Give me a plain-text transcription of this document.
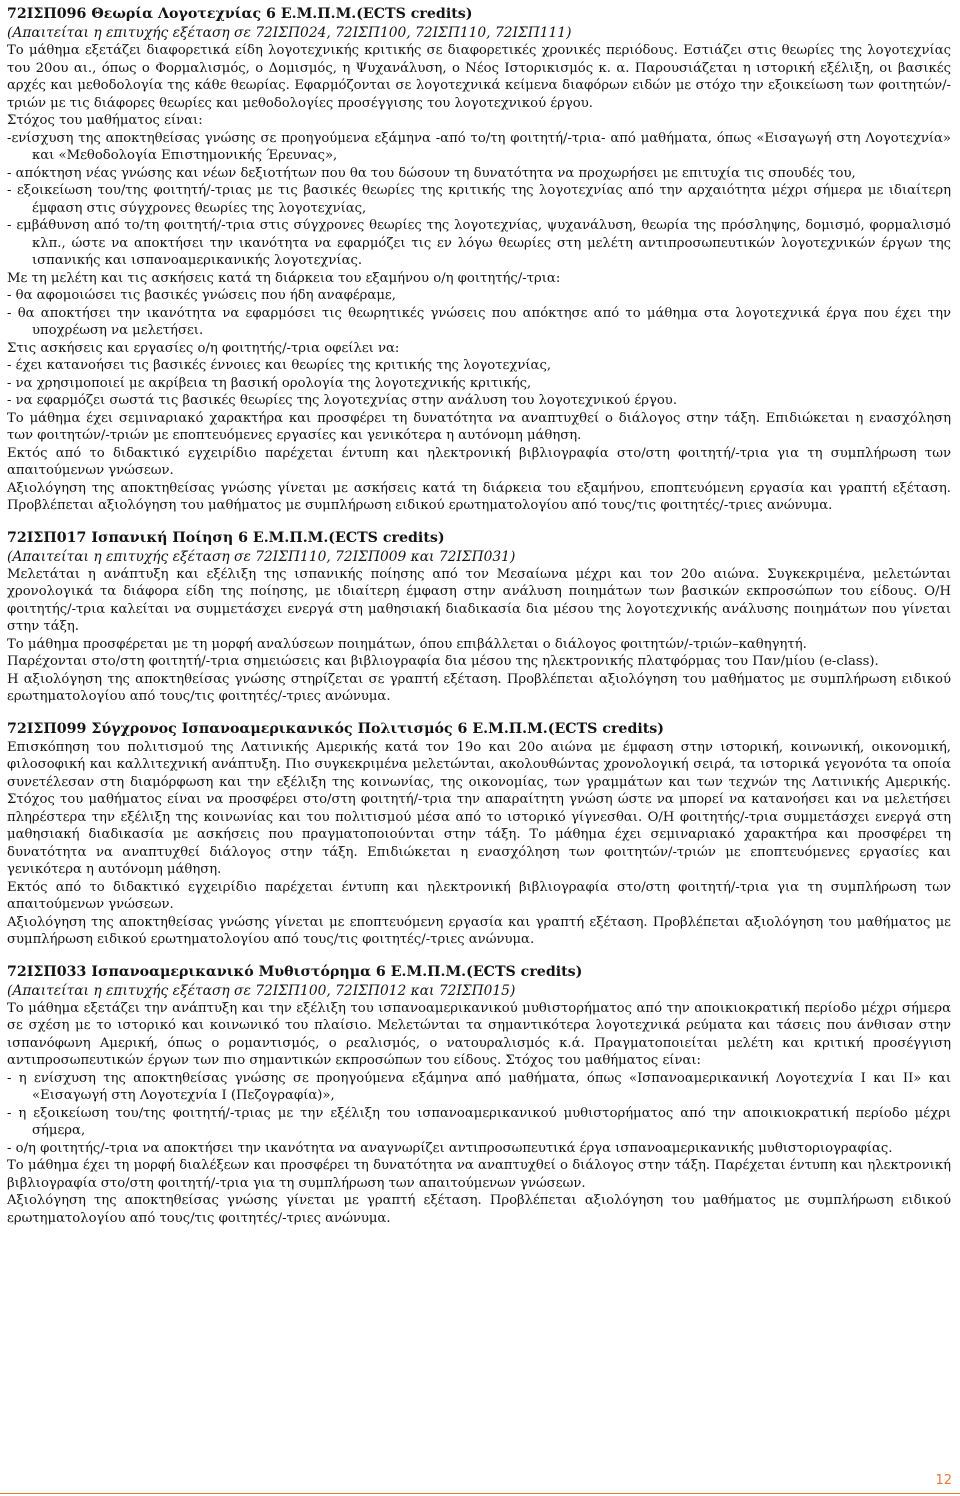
72ΙΣΠ096 Θεωρία Λογοτεχνίας 6 Ε.Μ.Π.Μ.(ECTS credits)
(Απαιτείται η επιτυχής εξέταση σε 72ΙΣΠ024, 72ΙΣΠ100, 72ΙΣΠ110, 72ΙΣΠ111)

Το μάθημα εξετάζει διαφορετικά είδη λογοτεχνικής κριτικής σε διαφορετικές χρονικές περιόδους. Εστιάζει στις θεωρίες της λογοτεχνίας του 20ου αι., όπως ο Φορμαλισμός, ο Δομισμός, η Ψυχανάλυση, ο Νέος Ιστορικισμός κ. α. Παρουσιάζεται η ιστορική εξέλιξη, οι βασικές αρχές και μεθοδολογία της κάθε θεωρίας. Εφαρμόζονται σε λογοτεχνικά κείμενα διαφόρων ειδών με στόχο την εξοικείωση των φοιτητών/-τριών με τις διάφορες θεωρίες και μεθοδολογίες προσέγγισης του λογοτεχνικού έργου.

Στόχος του μαθήματος είναι:

-ενίσχυση της αποκτηθείσας γνώσης σε προηγούμενα εξάμηνα -από το/τη φοιτητή/-τρια- από μαθήματα, όπως «Εισαγωγή στη Λογοτεχνία» και «Μεθοδολογία Επιστημονικής Έρευνας»,

- απόκτηση νέας γνώσης και νέων δεξιοτήτων που θα του δώσουν τη δυνατότητα να προχωρήσει με επιτυχία τις σπουδές του,

- εξοικείωση του/της φοιτητή/-τριας με τις βασικές θεωρίες της κριτικής της λογοτεχνίας από την αρχαιότητα μέχρι σήμερα με ιδιαίτερη έμφαση στις σύγχρονες θεωρίες της λογοτεχνίας,

- εμβάθυνση από το/τη φοιτητή/-τρια στις σύγχρονες θεωρίες της λογοτεχνίας, ψυχανάλυση, θεωρία της πρόσληψης, δομισμό, φορμαλισμό κλπ., ώστε να αποκτήσει την ικανότητα να εφαρμόζει τις εν λόγω θεωρίες στη μελέτη αντιπροσωπευτικών λογοτεχνικών έργων της ισπανικής και ισπανοαμερικανικής λογοτεχνίας.

Με τη μελέτη και τις ασκήσεις κατά τη διάρκεια του εξαμήνου ο/η φοιτητής/-τρια:

- θα αφομοιώσει τις βασικές γνώσεις που ήδη αναφέραμε,

- θα αποκτήσει την ικανότητα να εφαρμόσει τις θεωρητικές γνώσεις που απόκτησε από το μάθημα στα λογοτεχνικά έργα που έχει την υποχρέωση να μελετήσει.

Στις ασκήσεις και εργασίες ο/η φοιτητής/-τρια οφείλει να:

- έχει κατανοήσει τις βασικές έννοιες και θεωρίες της κριτικής της λογοτεχνίας,

- να χρησιμοποιεί με ακρίβεια τη βασική ορολογία της λογοτεχνικής κριτικής,

- να εφαρμόζει σωστά τις βασικές θεωρίες της λογοτεχνίας στην ανάλυση του λογοτεχνικού έργου.

Το μάθημα έχει σεμιναριακό χαρακτήρα και προσφέρει τη δυνατότητα να αναπτυχθεί ο διάλογος στην τάξη. Επιδιώκεται η ενασχόληση των φοιτητών/-τριών με εποπτευόμενες εργασίες και γενικότερα η αυτόνομη μάθηση.

Εκτός από το διδακτικό εγχειρίδιο παρέχεται έντυπη και ηλεκτρονική βιβλιογραφία στο/στη φοιτητή/-τρια για τη συμπλήρωση των απαιτούμενων γνώσεων.

Αξιολόγηση της αποκτηθείσας γνώσης γίνεται με ασκήσεις κατά τη διάρκεια του εξαμήνου, εποπτευόμενη εργασία και γραπτή εξέταση. Προβλέπεται αξιολόγηση του μαθήματος με συμπλήρωση ειδικού ερωτηματολογίου από τους/τις φοιτητές/-τριες ανώνυμα.

72ΙΣΠ017 Ισπανική Ποίηση 6 Ε.Μ.Π.Μ.(ECTS credits)
(Απαιτείται η επιτυχής εξέταση σε 72ΙΣΠ110, 72ΙΣΠ009 και 72ΙΣΠ031)

Μελετάται η ανάπτυξη και εξέλιξη της ισπανικής ποίησης από τον Μεσαίωνα μέχρι και τον 20ο αιώνα. Συγκεκριμένα, μελετώνται χρονολογικά τα διάφορα είδη της ποίησης, με ιδιαίτερη έμφαση στην ανάλυση ποιημάτων των βασικών εκπροσώπων του είδους. Ο/Η φοιτητής/-τρια καλείται να συμμετάσχει ενεργά στη μαθησιακή διαδικασία δια μέσου της λογοτεχνικής ανάλυσης ποιημάτων που γίνεται στην τάξη.

Το μάθημα προσφέρεται με τη μορφή αναλύσεων ποιημάτων, όπου επιβάλλεται ο διάλογος φοιτητών/-τριών–καθηγητή.

Παρέχονται στο/στη φοιτητή/-τρια σημειώσεις και βιβλιογραφία δια μέσου της ηλεκτρονικής πλατφόρμας του Παν/μίου (e-class).

Η αξιολόγηση της αποκτηθείσας γνώσης στηρίζεται σε γραπτή εξέταση. Προβλέπεται αξιολόγηση του μαθήματος με συμπλήρωση ειδικού ερωτηματολογίου από τους/τις φοιτητές/-τριες ανώνυμα.

72ΙΣΠ099 Σύγχρονος Ισπανοαμερικανικός Πολιτισμός 6 Ε.Μ.Π.Μ.(ECTS credits)

Επισκόπηση του πολιτισμού της Λατινικής Αμερικής κατά τον 19ο και 20ο αιώνα με έμφαση στην ιστορική, κοινωνική, οικονομική, φιλοσοφική και καλλιτεχνική ανάπτυξη. Πιο συγκεκριμένα μελετώνται, ακολουθώντας χρονολογική σειρά, τα ιστορικά γεγονότα τα οποία συνετέλεσαν στη διαμόρφωση και την εξέλιξη της κοινωνίας, της οικονομίας, των γραμμάτων και των τεχνών της Λατινικής Αμερικής. Στόχος του μαθήματος είναι να προσφέρει στο/στη φοιτητή/-τρια την απαραίτητη γνώση ώστε να μπορεί να κατανοήσει και να μελετήσει πληρέστερα την εξέλιξη της κοινωνίας και του πολιτισμού μέσα από το ιστορικό γίγνεσθαι. Ο/Η φοιτητής/-τρια συμμετάσχει ενεργά στη μαθησιακή διαδικασία με ασκήσεις που πραγματοποιούνται στην τάξη. Το μάθημα έχει σεμιναριακό χαρακτήρα και προσφέρει τη δυνατότητα να αναπτυχθεί διάλογος στην τάξη. Επιδιώκεται η ενασχόληση των φοιτητών/-τριών με εποπτευόμενες εργασίες και γενικότερα η αυτόνομη μάθηση.

Εκτός από το διδακτικό εγχειρίδιο παρέχεται έντυπη και ηλεκτρονική βιβλιογραφία στο/στη φοιτητή/-τρια για τη συμπλήρωση των απαιτούμενων γνώσεων.

Αξιολόγηση της αποκτηθείσας γνώσης γίνεται με εποπτευόμενη εργασία και γραπτή εξέταση. Προβλέπεται αξιολόγηση του μαθήματος με συμπλήρωση ειδικού ερωτηματολογίου από τους/τις φοιτητές/-τριες ανώνυμα.

72ΙΣΠ033 Ισπανοαμερικανικό Μυθιστόρημα 6 Ε.Μ.Π.Μ.(ECTS credits)
(Απαιτείται η επιτυχής εξέταση σε 72ΙΣΠ100, 72ΙΣΠ012 και 72ΙΣΠ015)

Το μάθημα εξετάζει την ανάπτυξη και την εξέλιξη του ισπανοαμερικανικού μυθιστορήματος από την αποικιοκρατική περίοδο μέχρι σήμερα σε σχέση με το ιστορικό και κοινωνικό του πλαίσιο. Μελετώνται τα σημαντικότερα λογοτεχνικά ρεύματα και τάσεις που άνθισαν στην ισπανόφωνη Αμερική, όπως ο ρομαντισμός, ο ρεαλισμός, ο νατουραλισμός κ.ά. Πραγματοποιείται μελέτη και κριτική προσέγγιση αντιπροσωπευτικών έργων των πιο σημαντικών εκπροσώπων του είδους. Στόχος του μαθήματος είναι:

- η ενίσχυση της αποκτηθείσας γνώσης σε προηγούμενα εξάμηνα από μαθήματα, όπως «Ισπανοαμερικανική Λογοτεχνία Ι και ΙΙ» και «Εισαγωγή στη Λογοτεχνία Ι (Πεζογραφία)»,

- η εξοικείωση του/της φοιτητή/-τριας με την εξέλιξη του ισπανοαμερικανικού μυθιστορήματος από την αποικιοκρατική περίοδο μέχρι σήμερα,

- ο/η φοιτητής/-τρια να αποκτήσει την ικανότητα να αναγνωρίζει αντιπροσωπευτικά έργα ισπανοαμερικανικής μυθιστοριογραφίας.

Το μάθημα έχει τη μορφή διαλέξεων και προσφέρει τη δυνατότητα να αναπτυχθεί ο διάλογος στην τάξη. Παρέχεται έντυπη και ηλεκτρονική βιβλιογραφία στο/στη φοιτητή/-τρια για τη συμπλήρωση των απαιτούμενων γνώσεων.

Αξιολόγηση της αποκτηθείσας γνώσης γίνεται με γραπτή εξέταση. Προβλέπεται αξιολόγηση του μαθήματος με συμπλήρωση ειδικού ερωτηματολογίου από τους/τις φοιτητές/-τριες ανώνυμα.

12
